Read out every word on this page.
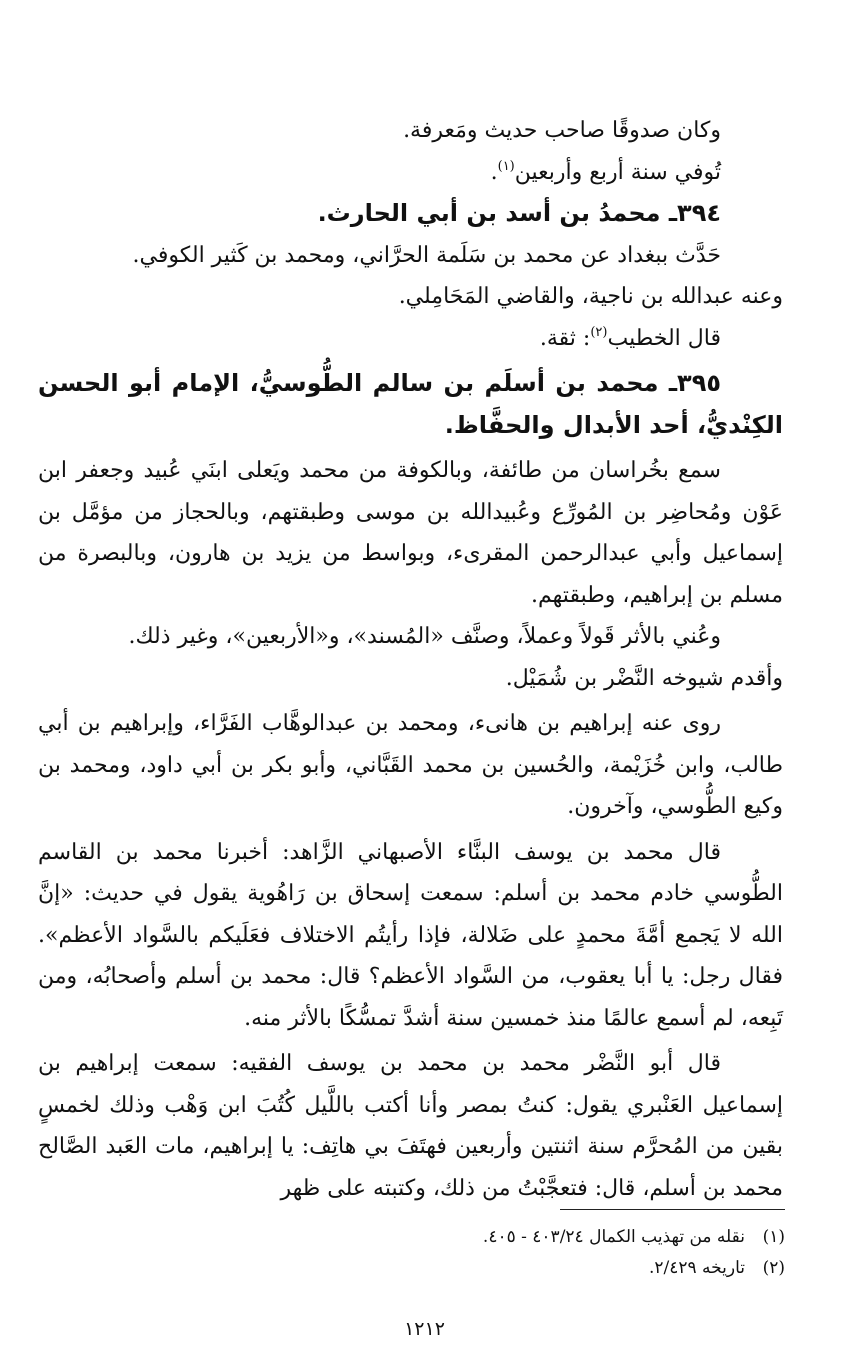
وكان صدوقًا صاحب حديث ومَعرفة.

تُوفي سنة أربع وأربعين$^{(١)}$.

٣٩٤ـ محمدُ بن أسد بن أبي الحارث.

حَدَّث ببغداد عن محمد بن سَلَمة الحرَّاني، ومحمد بن كَثير الكوفي.

وعنه عبدالله بن ناجية، والقاضي المَحَامِلي.

قال الخطيب$^{(٢)}$: ثقة.

٣٩٥ـ محمد بن أسلَم بن سالم الطُّوسيُّ، الإمام أبو الحسن الكِنْديُّ، أحد الأبدال والحفَّاظ.

سمع بخُراسان من طائفة، وبالكوفة من محمد ويَعلى ابنَي عُبيد وجعفر ابن عَوْن ومُحاضِر بن المُورِّع وعُبيدالله بن موسى وطبقتهم، وبالحجاز من مؤمَّل بن إسماعيل وأبي عبدالرحمن المقرىء، وبواسط من يزيد بن هارون، وبالبصرة من مسلم بن إبراهيم، وطبقتهم.

وعُني بالأثر قَولاً وعملاً، وصنَّف «المُسند»، و«الأربعين»، وغير ذلك.

وأقدم شيوخه النَّضْر بن شُمَيْل.

روى عنه إبراهيم بن هانىء، ومحمد بن عبدالوهَّاب الفَرَّاء، وإبراهيم بن أبي طالب، وابن خُزَيْمة، والحُسين بن محمد القَبَّاني، وأبو بكر بن أبي داود، ومحمد بن وكيع الطُّوسي، وآخرون.

قال محمد بن يوسف البنَّاء الأصبهاني الزَّاهد: أخبرنا محمد بن القاسم الطُّوسي خادم محمد بن أسلم: سمعت إسحاق بن رَاهُوية يقول في حديث: «إنَّ الله لا يَجمع أمَّةَ محمدٍ على ضَلالة، فإذا رأيتُم الاختلاف فعَلَيكم بالسَّواد الأعظم». فقال رجل: يا أبا يعقوب، من السَّواد الأعظم؟ قال: محمد بن أسلم وأصحابُه، ومن تَبِعه، لم أسمع عالمًا منذ خمسين سنة أشدَّ تمسُّكًا بالأثر منه.

قال أبو النَّضْر محمد بن محمد بن يوسف الفقيه: سمعت إبراهيم بن إسماعيل العَنْبري يقول: كنتُ بمصر وأنا أكتب باللَّيل كُتُبَ ابن وَهْب وذلك لخمسٍ بقين من المُحرَّم سنة اثنتين وأربعين فهتَفَ بي هاتِف: يا إبراهيم، مات العَبد الصَّالح محمد بن أسلم، قال: فتعجَّبْتُ من ذلك، وكتبته على ظهر

(١)نقله من تهذيب الكمال ٤٠٣/٢٤ - ٤٠٥.
(٢)تاريخه ٢/٤٢٩.
١٢١٢
